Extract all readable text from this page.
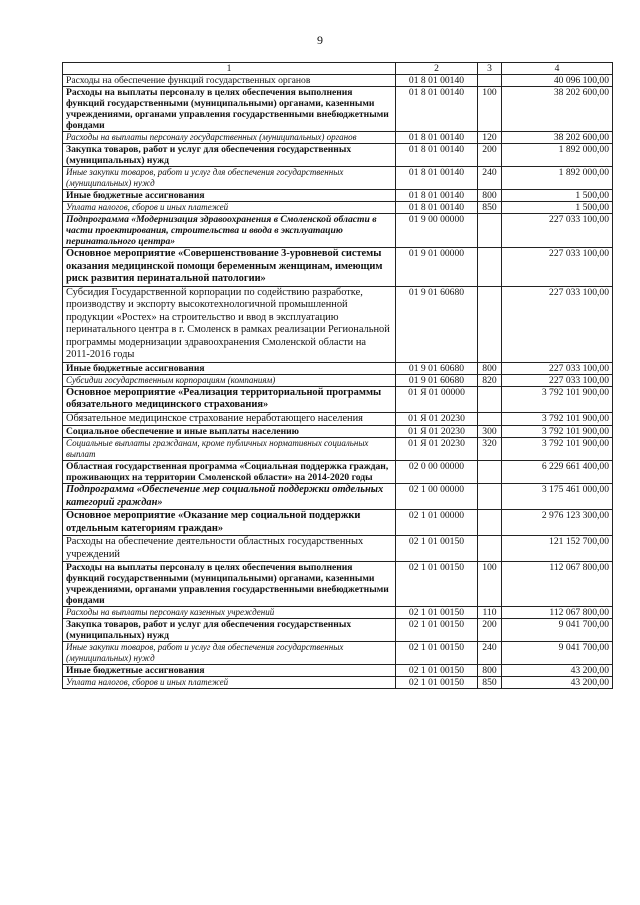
9
1	2	3	4
Расходы на обеспечение функций государственных органов	01 8 01 00140		40 096 100,00
Расходы на выплаты персоналу в целях обеспечения выполнения функций государственными (муниципальными) органами, казенными учреждениями, органами управления государственными внебюджетными фондами	01 8 01 00140	100	38 202 600,00
Расходы на выплаты персоналу государственных (муниципальных) органов	01 8 01 00140	120	38 202 600,00
Закупка товаров, работ и услуг для обеспечения государственных (муниципальных) нужд	01 8 01 00140	200	1 892 000,00
Иные закупки товаров, работ и услуг для обеспечения государственных (муниципальных) нужд	01 8 01 00140	240	1 892 000,00
Иные бюджетные ассигнования	01 8 01 00140	800	1 500,00
Уплата налогов, сборов и иных платежей	01 8 01 00140	850	1 500,00
Подпрограмма «Модернизация здравоохранения в Смоленской области в части проектирования, строительства и ввода в эксплуатацию перинатального центра»	01 9 00 00000		227 033 100,00
Основное мероприятие «Совершенствование 3-уровневой системы оказания медицинской помощи беременным женщинам, имеющим риск развития перинатальной патологии»	01 9 01 00000		227 033 100,00
Субсидия Государственной корпорации по содействию разработке, производству и экспорту высокотехнологичной промышленной продукции «Ростех» на строительство и ввод в эксплуатацию перинатального центра в г. Смоленск в рамках реализации Региональной программы модернизации здравоохранения Смоленской области на 2011-2016 годы	01 9 01 60680		227 033 100,00
Иные бюджетные ассигнования	01 9 01 60680	800	227 033 100,00
Субсидии государственным корпорациям (компаниям)	01 9 01 60680	820	227 033 100,00
Основное мероприятие «Реализация территориальной программы обязательного медицинского страхования»	01 Я 01 00000		3 792 101 900,00
Обязательное медицинское страхование неработающего населения	01 Я 01 20230		3 792 101 900,00
Социальное обеспечение и иные выплаты населению	01 Я 01 20230	300	3 792 101 900,00
Социальные выплаты гражданам, кроме публичных нормативных социальных выплат	01 Я 01 20230	320	3 792 101 900,00
Областная государственная программа «Социальная поддержка граждан, проживающих на территории Смоленской области» на 2014-2020 годы	02 0 00 00000		6 229 661 400,00
Подпрограмма «Обеспечение мер социальной поддержки отдельных категорий граждан»	02 1 00 00000		3 175 461 000,00
Основное мероприятие «Оказание мер социальной поддержки отдельным категориям граждан»	02 1 01 00000		2 976 123 300,00
Расходы на обеспечение деятельности областных государственных учреждений	02 1 01 00150		121 152 700,00
Расходы на выплаты персоналу в целях обеспечения выполнения функций государственными (муниципальными) органами, казенными учреждениями, органами управления государственными внебюджетными фондами	02 1 01 00150	100	112 067 800,00
Расходы на выплаты персоналу казенных учреждений	02 1 01 00150	110	112 067 800,00
Закупка товаров, работ и услуг для обеспечения государственных (муниципальных) нужд	02 1 01 00150	200	9 041 700,00
Иные закупки товаров, работ и услуг для обеспечения государственных (муниципальных) нужд	02 1 01 00150	240	9 041 700,00
Иные бюджетные ассигнования	02 1 01 00150	800	43 200,00
Уплата налогов, сборов и иных платежей	02 1 01 00150	850	43 200,00
